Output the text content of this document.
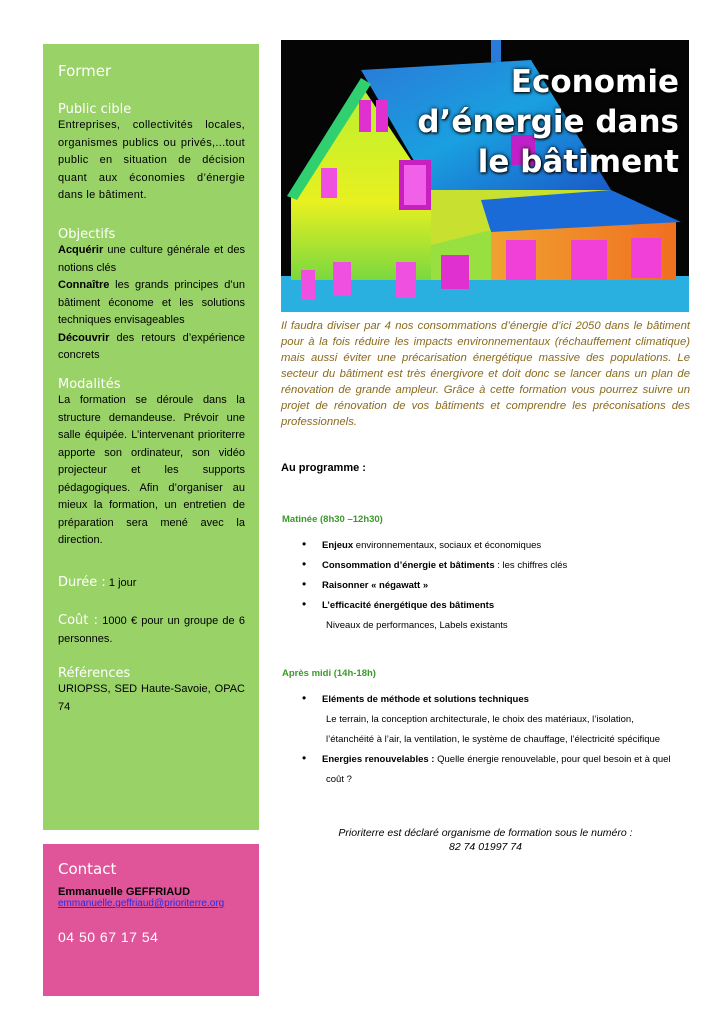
Former
Public cible

Entreprises, collectivités locales, organismes publics ou privés,...tout public en situation de décision quant aux économies d’énergie dans le bâtiment.

Objectifs

Acquérir une culture générale et des notions clés

Connaître les grands principes d’un bâtiment économe et les solutions techniques envisageables

Découvrir des retours d’expérience concrets

Modalités

La formation se déroule dans la structure demandeuse. Prévoir une salle équipée. L’intervenant prioriterre apporte son ordinateur, son vidéo projecteur et les supports pédagogiques. Afin d’organiser au mieux la formation, un entretien de préparation sera mené avec la direction.

Durée : 1 jour

Coût : 1000 € pour un groupe de 6 personnes.

Références

URIOPSS, SED Haute-Savoie, OPAC 74

Contact

Emmanuelle GEFFRIAUD

emmanuelle.geffriaud@prioriterre.org

04 50 67 17 54

Economie
d’énergie dans
le bâtiment

Il faudra diviser par 4 nos consommations d’énergie d’ici 2050 dans le bâtiment pour à la fois réduire les impacts environnementaux (réchauffement climatique) mais aussi éviter une précarisation énergétique massive des populations. Le secteur du bâtiment est très énergivore et doit donc se lancer dans un plan de rénovation de grande ampleur. Grâce à cette formation vous pourrez suivre un projet de rénovation de vos bâtiments et comprendre les préconisations des professionnels.

Au programme :

Matinée (8h30 –12h30)

• Enjeux environnementaux, sociaux et économiques
• Consommation d’énergie et bâtiments : les chiffres clés
• Raisonner « négawatt »
• L’efficacité énergétique des bâtiments
Niveaux de performances, Labels existants

Après midi (14h-18h)

• Eléments de méthode et solutions techniques
Le terrain, la conception architecturale, le choix des matériaux, l’isolation,
l’étanchéité à l’air, la ventilation, le système de chauffage, l’électricité spécifique
• Energies renouvelables : Quelle énergie renouvelable, pour quel besoin et à quel
coût ?

Prioriterre est déclaré organisme de formation sous le numéro :
82 74 01997 74
